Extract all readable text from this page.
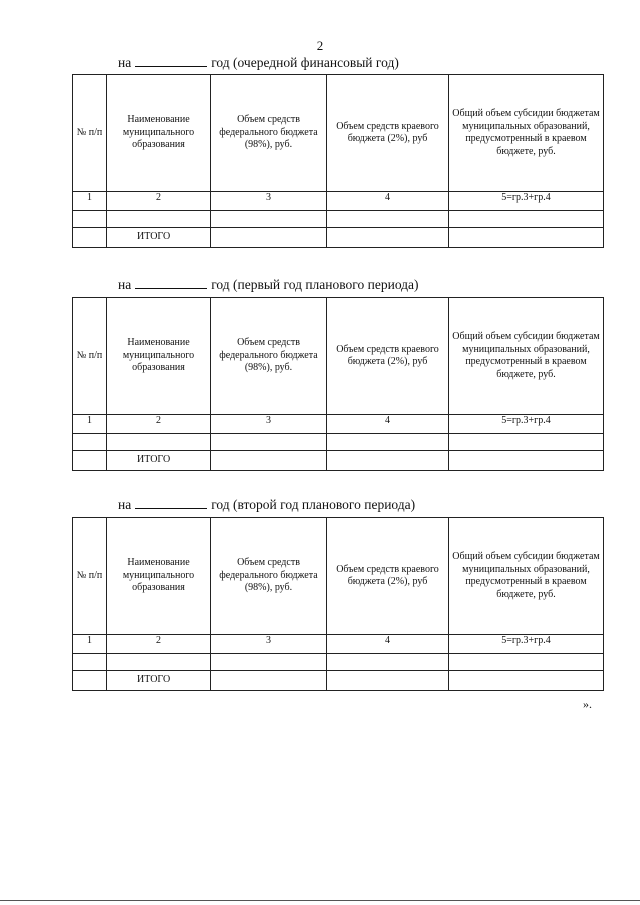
2
на	год (очередной финансовый год)
№ п/п	Наименование муниципального образования	Объем средств федерального бюджета (98%), руб.	Объем средств краевого бюджета (2%), руб	Общий объем субсидии бюджетам муниципальных образований, предусмотренный в краевом бюджете, руб.
1	2	3	4	5=гр.3+гр.4

	ИТОГО			
на	год (первый год планового периода)
№ п/п	Наименование муниципального образования	Объем средств федерального бюджета (98%), руб.	Объем средств краевого бюджета (2%), руб	Общий объем субсидии бюджетам муниципальных образований, предусмотренный в краевом бюджете, руб.
1	2	3	4	5=гр.3+гр.4

	ИТОГО			
на	год (второй год планового периода)
№ п/п	Наименование муниципального образования	Объем средств федерального бюджета (98%), руб.	Объем средств краевого бюджета (2%), руб	Общий объем субсидии бюджетам муниципальных образований, предусмотренный в краевом бюджете, руб.
1	2	3	4	5=гр.3+гр.4

	ИТОГО			
».
